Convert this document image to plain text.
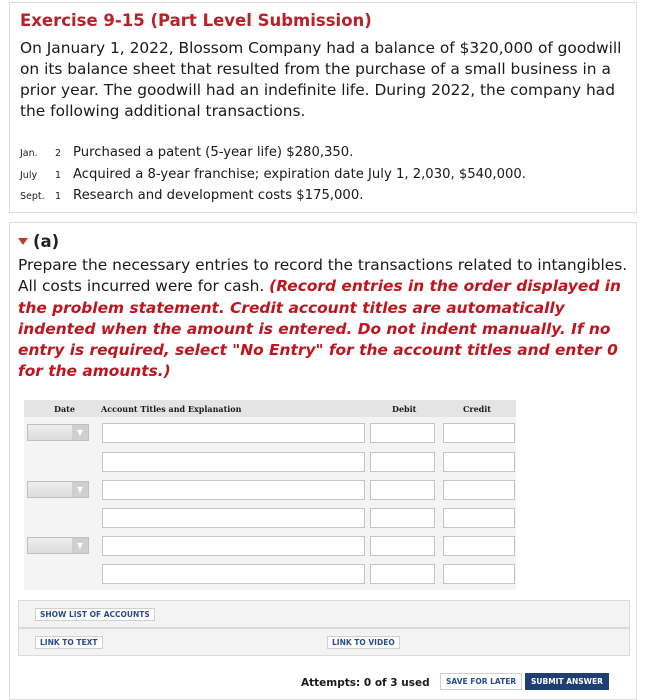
Exercise 9-15 (Part Level Submission)
On January 1, 2022, Blossom Company had a balance of $320,000 of goodwill on its balance sheet that resulted from the purchase of a small business in a prior year. The goodwill had an indefinite life. During 2022, the company had the following additional transactions.
Jan. 2 Purchased a patent (5-year life) $280,350.
July 1 Acquired a 8-year franchise; expiration date July 1, 2,030, $540,000.
Sept. 1 Research and development costs $175,000.
(a)
Prepare the necessary entries to record the transactions related to intangibles. All costs incurred were for cash. (Record entries in the order displayed in the problem statement. Credit account titles are automatically indented when the amount is entered. Do not indent manually. If no entry is required, select "No Entry" for the account titles and enter 0 for the amounts.)
Date	Account Titles and Explanation	Debit	Credit
▼
▼
▼
SHOW LIST OF ACCOUNTS
LINK TO TEXT	LINK TO VIDEO
Attempts: 0 of 3 used	SAVE FOR LATER	SUBMIT ANSWER
